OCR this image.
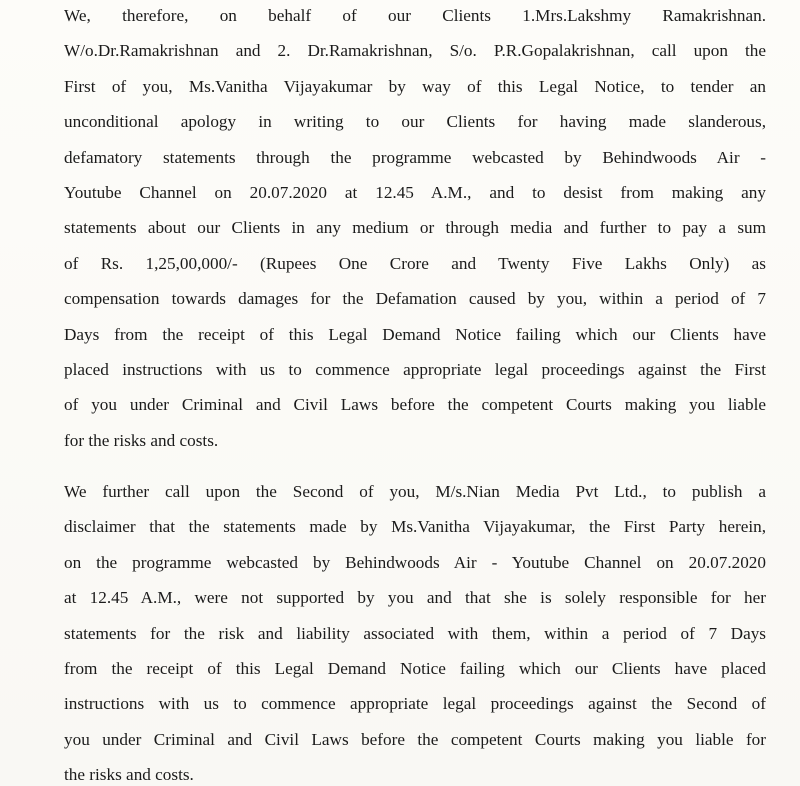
We, therefore, on behalf of our Clients 1.Mrs.Lakshmy Ramakrishnan.
W/o.Dr.Ramakrishnan and 2. Dr.Ramakrishnan, S/o. P.R.Gopalakrishnan, call upon the
First of you, Ms.Vanitha Vijayakumar by way of this Legal Notice, to tender an
unconditional apology in writing to our Clients for having made slanderous,
defamatory statements through the programme webcasted by Behindwoods Air -
Youtube Channel on 20.07.2020 at 12.45 A.M., and to desist from making any
statements about our Clients in any medium or through media and further to pay a sum
of Rs. 1,25,00,000/- (Rupees One Crore and Twenty Five Lakhs Only) as
compensation towards damages for the Defamation caused by you, within a period of 7
Days from the receipt of this Legal Demand Notice failing which our Clients have
placed instructions with us to commence appropriate legal proceedings against the First
of you under Criminal and Civil Laws before the competent Courts making you liable
for the risks and costs.
We further call upon the Second of you, M/s.Nian Media Pvt Ltd., to publish a
disclaimer that the statements made by Ms.Vanitha Vijayakumar, the First Party herein,
on the programme webcasted by Behindwoods Air - Youtube Channel on 20.07.2020
at 12.45 A.M., were not supported by you and that she is solely responsible for her
statements for the risk and liability associated with them, within a period of 7 Days
from the receipt of this Legal Demand Notice failing which our Clients have placed
instructions with us to commence appropriate legal proceedings against the Second of
you under Criminal and Civil Laws before the competent Courts making you liable for
the risks and costs.
